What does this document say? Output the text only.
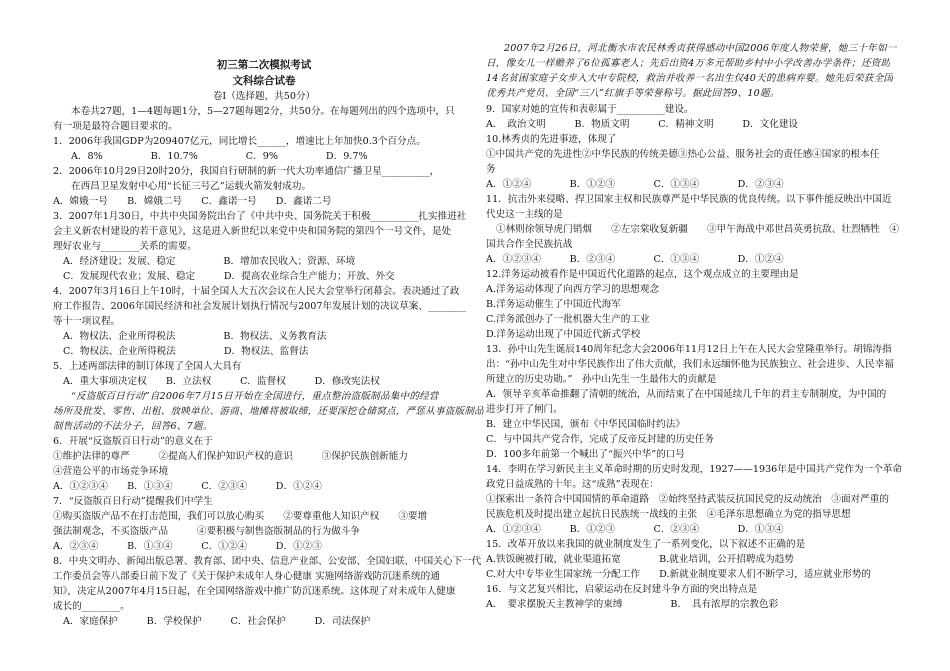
初三第二次模拟考试
文科综合试卷
卷Ⅰ（选择题，共50分）
本卷共27题，1—4题每题1分，5—27题每题2分，共50分。在每题列出的四个选项中，只
有一项是最符合题目要求的。
1．2006年我国GDP为209407亿元，同比增长______，增速比上年加快0.3个百分点。
A．8%　　　　　B．10.7%　　　　　C．9%　　　　　D．9.7%
2．2006年10月29日20时20分，我国自行研制的新一代大功率通信广播卫星__________，
在西昌卫星发射中心用“长征三号乙”运载火箭发射成功。
A．嫦娥一号　　B．嫦娥二号　　C．鑫诺一号　　D．鑫诺二号
3．2007年1月30日，中共中央国务院出台了《中共中央、国务院关于积极__________扎实推进社
会主义新农村建设的若干意见》，这是进入新世纪以来党中央和国务院的第四个一号文件，是处
理好农业与________关系的需要。
A．经济建设；发展、稳定　　　　　B．增加农民收入；资源、环境
C．发展现代农业；发展、稳定　　　D．提高农业综合生产能力；开放、外交
4．2007年3月16日上午10时，十届全国人大五次会议在人民大会堂举行闭幕会。表决通过了政
府工作报告、2006年国民经济和社会发展计划执行情况与2007年发展计划的决议草案、________
等十一项议程。
A．物权法、企业所得税法　　　　　B．物权法、义务教育法
C．物权法、企业所得税法　　　　　D．物权法、监督法
5．上述两部法律的制订体现了全国人大具有
A．重大事项决定权　　B．立法权　　　C．监督权　　　D．修改宪法权
“反盗版百日行动”自2006年7月15日开始在全国进行，重点整治盗版制品集中的经营
场所及批发、零售、出租、放映单位、游商、地摊将被取缔，还要深挖仓储窝点，严惩从事盗版制品
制售活动的不法分子，回答6、7题。
6．开展“反盗版百日行动”的意义在于
①维护法律的尊严　　　②提高人们保护知识产权的意识　　　③保护民族创新能力
④营造公平的市场竞争环境
A．①②③④　　B．①③④　　　C．②③④　　　D．①②④
7．“反盗版百日行动”提醒我们中学生
①购买盗版产品不在打击范围，我们可以放心购买　　②要尊重他人知识产权　　③要增
强法制观念，不买盗版产品　　　④要积极与制售盗版制品的行为做斗争
A．②③④　　　B．①③④　　　C．①②④　　　D．①②③
8．中央文明办、新闻出版总署、教育部、团中央、信息产业部、公安部、全国妇联、中国关心下一代
工作委员会等八部委日前下发了《关于保护未成年人身心健康 实施网络游戏防沉迷系统的通
知》，决定从2007年4月15日起，在全国网络游戏中推广防沉迷系统。这体现了对未成年人健康
成长的________。
A．家庭保护　　　B．学校保护　　　C．社会保护　　　D．司法保护
2007年2月26日，河北衡水市农民林秀贞获得感动中国2006年度人物荣誉，她三十年如一
日，像女儿一样赡养了6位孤寡老人；先后出资4万多元帮助乡村中小学改善办学条件；还资助
14名贫困家庭子女步入大中专院校，救治并收养一名出生仅40天的患病弃婴。她先后荣获全国
优秀共产党员、全国“三八”红旗手等荣誉称号。据此回答9、10题。
9．国家对她的宣传和表彰属于__________建设。
A．　政治文明　　　B．物质文明　　　C．精神文明　　　D．文化建设
10.林秀贞的先进事迹，体现了
①中国共产党的先进性②中华民族的传统美德③热心公益、服务社会的责任感④国家的根本任
务
A．①②④　　　　B．①②③　　　　C．①③④　　　　D．②③④
11．抗击外来侵略、捍卫国家主权和民族尊严是中华民族的优良传统。以下事件能反映出中国近
代史这一主线的是
①林则徐领导虎门销烟　　②左宗棠收复新疆　　③甲午海战中邓世昌英勇抗敌、壮烈牺牲　④
国共合作全民族抗战
A．①②③④　　　B．②③④　　　　C．①③④　　　　D．①②④
12.洋务运动被看作是中国近代化道路的起点，这个观点成立的主要理由是
A.洋务运动体现了向西方学习的思想观念
B.洋务运动催生了中国近代海军
C.洋务派创办了一批机器大生产的工业
D.洋务运动出现了中国近代新式学校
13．孙中山先生诞辰140周年纪念大会2006年11月12日上午在人民大会堂隆重举行。胡锦涛指
出：“孙中山先生对中华民族作出了伟大贡献，我们永远缅怀他为民族独立、社会进步、人民幸福
所建立的历史功勋。”　孙中山先生一生最伟大的贡献是
A．领导辛亥革命推翻了清朝的统治，从而结束了在中国延续几千年的君主专制制度，为中国的
进步打开了闸门。
B．建立中华民国，颁布《中华民国临时约法》
C．与中国共产党合作，完成了反帝反封建的历史任务
D．100多年前第一个喊出了“振兴中华”的口号
14．李明在学习新民主主义革命时期的历史时发现，1927——1936年是中国共产党作为一个革命
政党日益成熟的十年。这“成熟”表现在：
①探索出一条符合中国国情的革命道路　②始终坚持武装反抗国民党的反动统治　③面对严重的
民族危机及时提出建立起抗日民族统一战线的主张　④毛泽东思想确立为党的指导思想
A．①②③④　　　B．①②③　　　　C．②③④　　　　D．①③④
15．改革开放以来我国的就业制度发生了一系列变化，以下叙述不正确的是
A.铁饭碗被打破，就业渠道拓宽　　　　B.就业培训，公开招聘成为趋势
C.对大中专毕业生国家统一分配工作　　D.新就业制度要求人们不断学习，适应就业形势的
16．与文艺复兴相比，启蒙运动在反封建斗争方面的突出特点是
A．　要求摆脱天主教神学的束缚　　　　　B．　具有浓厚的宗教色彩
